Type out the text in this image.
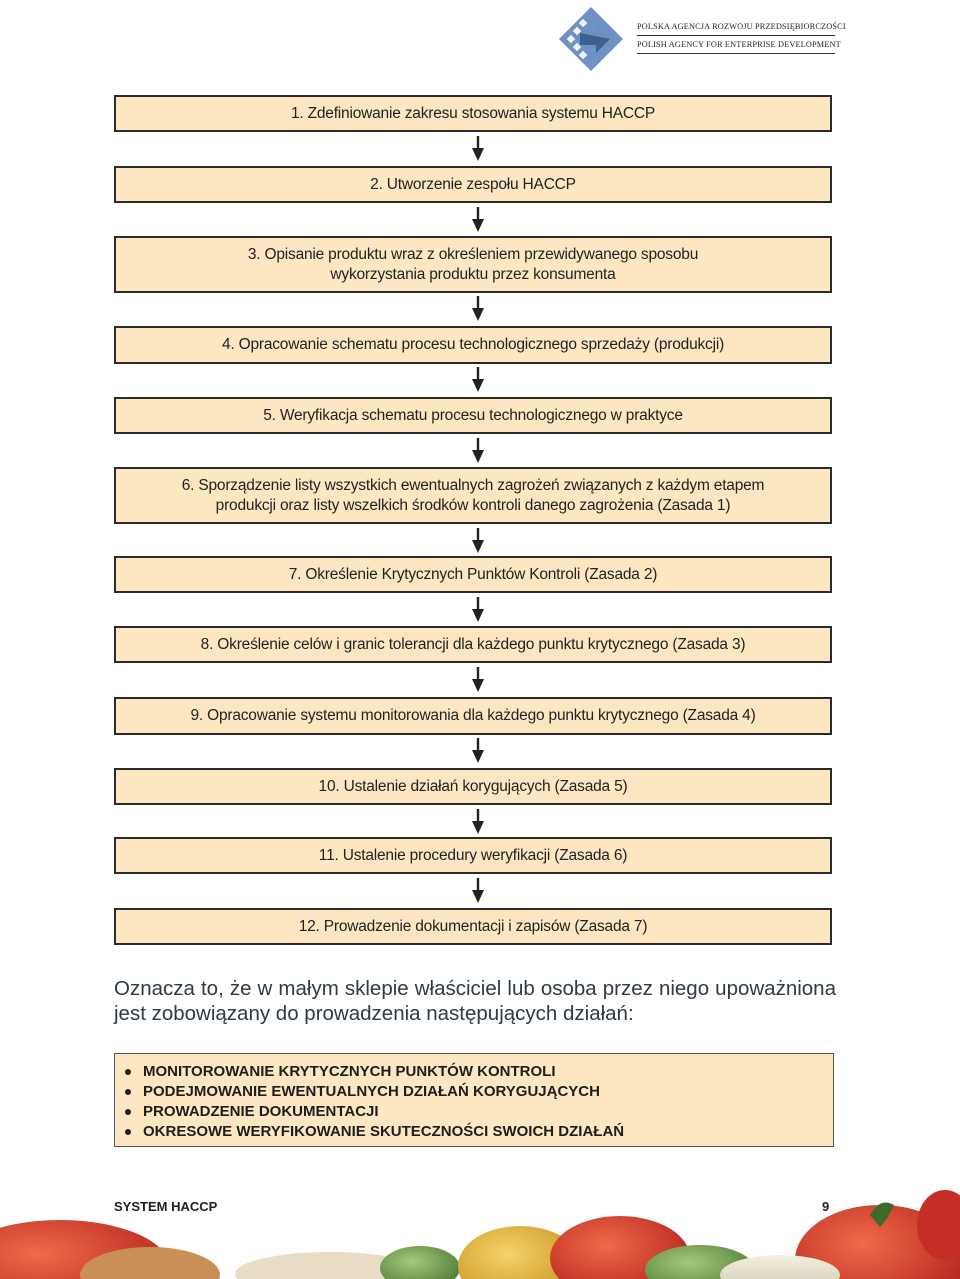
POLSKA AGENCJA ROZWOJU PRZEDSIĘBIORCZOŚCI
POLISH AGENCY FOR ENTERPRISE DEVELOPMENT
1. Zdefiniowanie zakresu stosowania systemu HACCP
2. Utworzenie zespołu HACCP
3. Opisanie produktu wraz z określeniem przewidywanego sposobu
wykorzystania produktu przez konsumenta
4. Opracowanie schematu procesu technologicznego sprzedaży (produkcji)
5. Weryfikacja schematu procesu technologicznego w praktyce
6. Sporządzenie listy wszystkich ewentualnych zagrożeń związanych z każdym etapem
produkcji oraz listy wszelkich środków kontroli danego zagrożenia (Zasada 1)
7. Określenie Krytycznych Punktów Kontroli (Zasada 2)
8. Określenie celów i granic tolerancji dla każdego punktu krytycznego (Zasada 3)
9. Opracowanie systemu monitorowania dla każdego punktu krytycznego (Zasada 4)
10. Ustalenie działań korygujących (Zasada 5)
11. Ustalenie procedury weryfikacji (Zasada 6)
12. Prowadzenie dokumentacji i zapisów (Zasada 7)
Oznacza to, że w małym sklepie właściciel lub osoba przez niego upoważniona jest zobowiązany do prowadzenia następujących działań:
MONITOROWANIE KRYTYCZNYCH PUNKTÓW KONTROLI
PODEJMOWANIE EWENTUALNYCH DZIAŁAŃ KORYGUJĄCYCH
PROWADZENIE DOKUMENTACJI
OKRESOWE WERYFIKOWANIE SKUTECZNOŚCI SWOICH DZIAŁAŃ
SYSTEM HACCP	9
